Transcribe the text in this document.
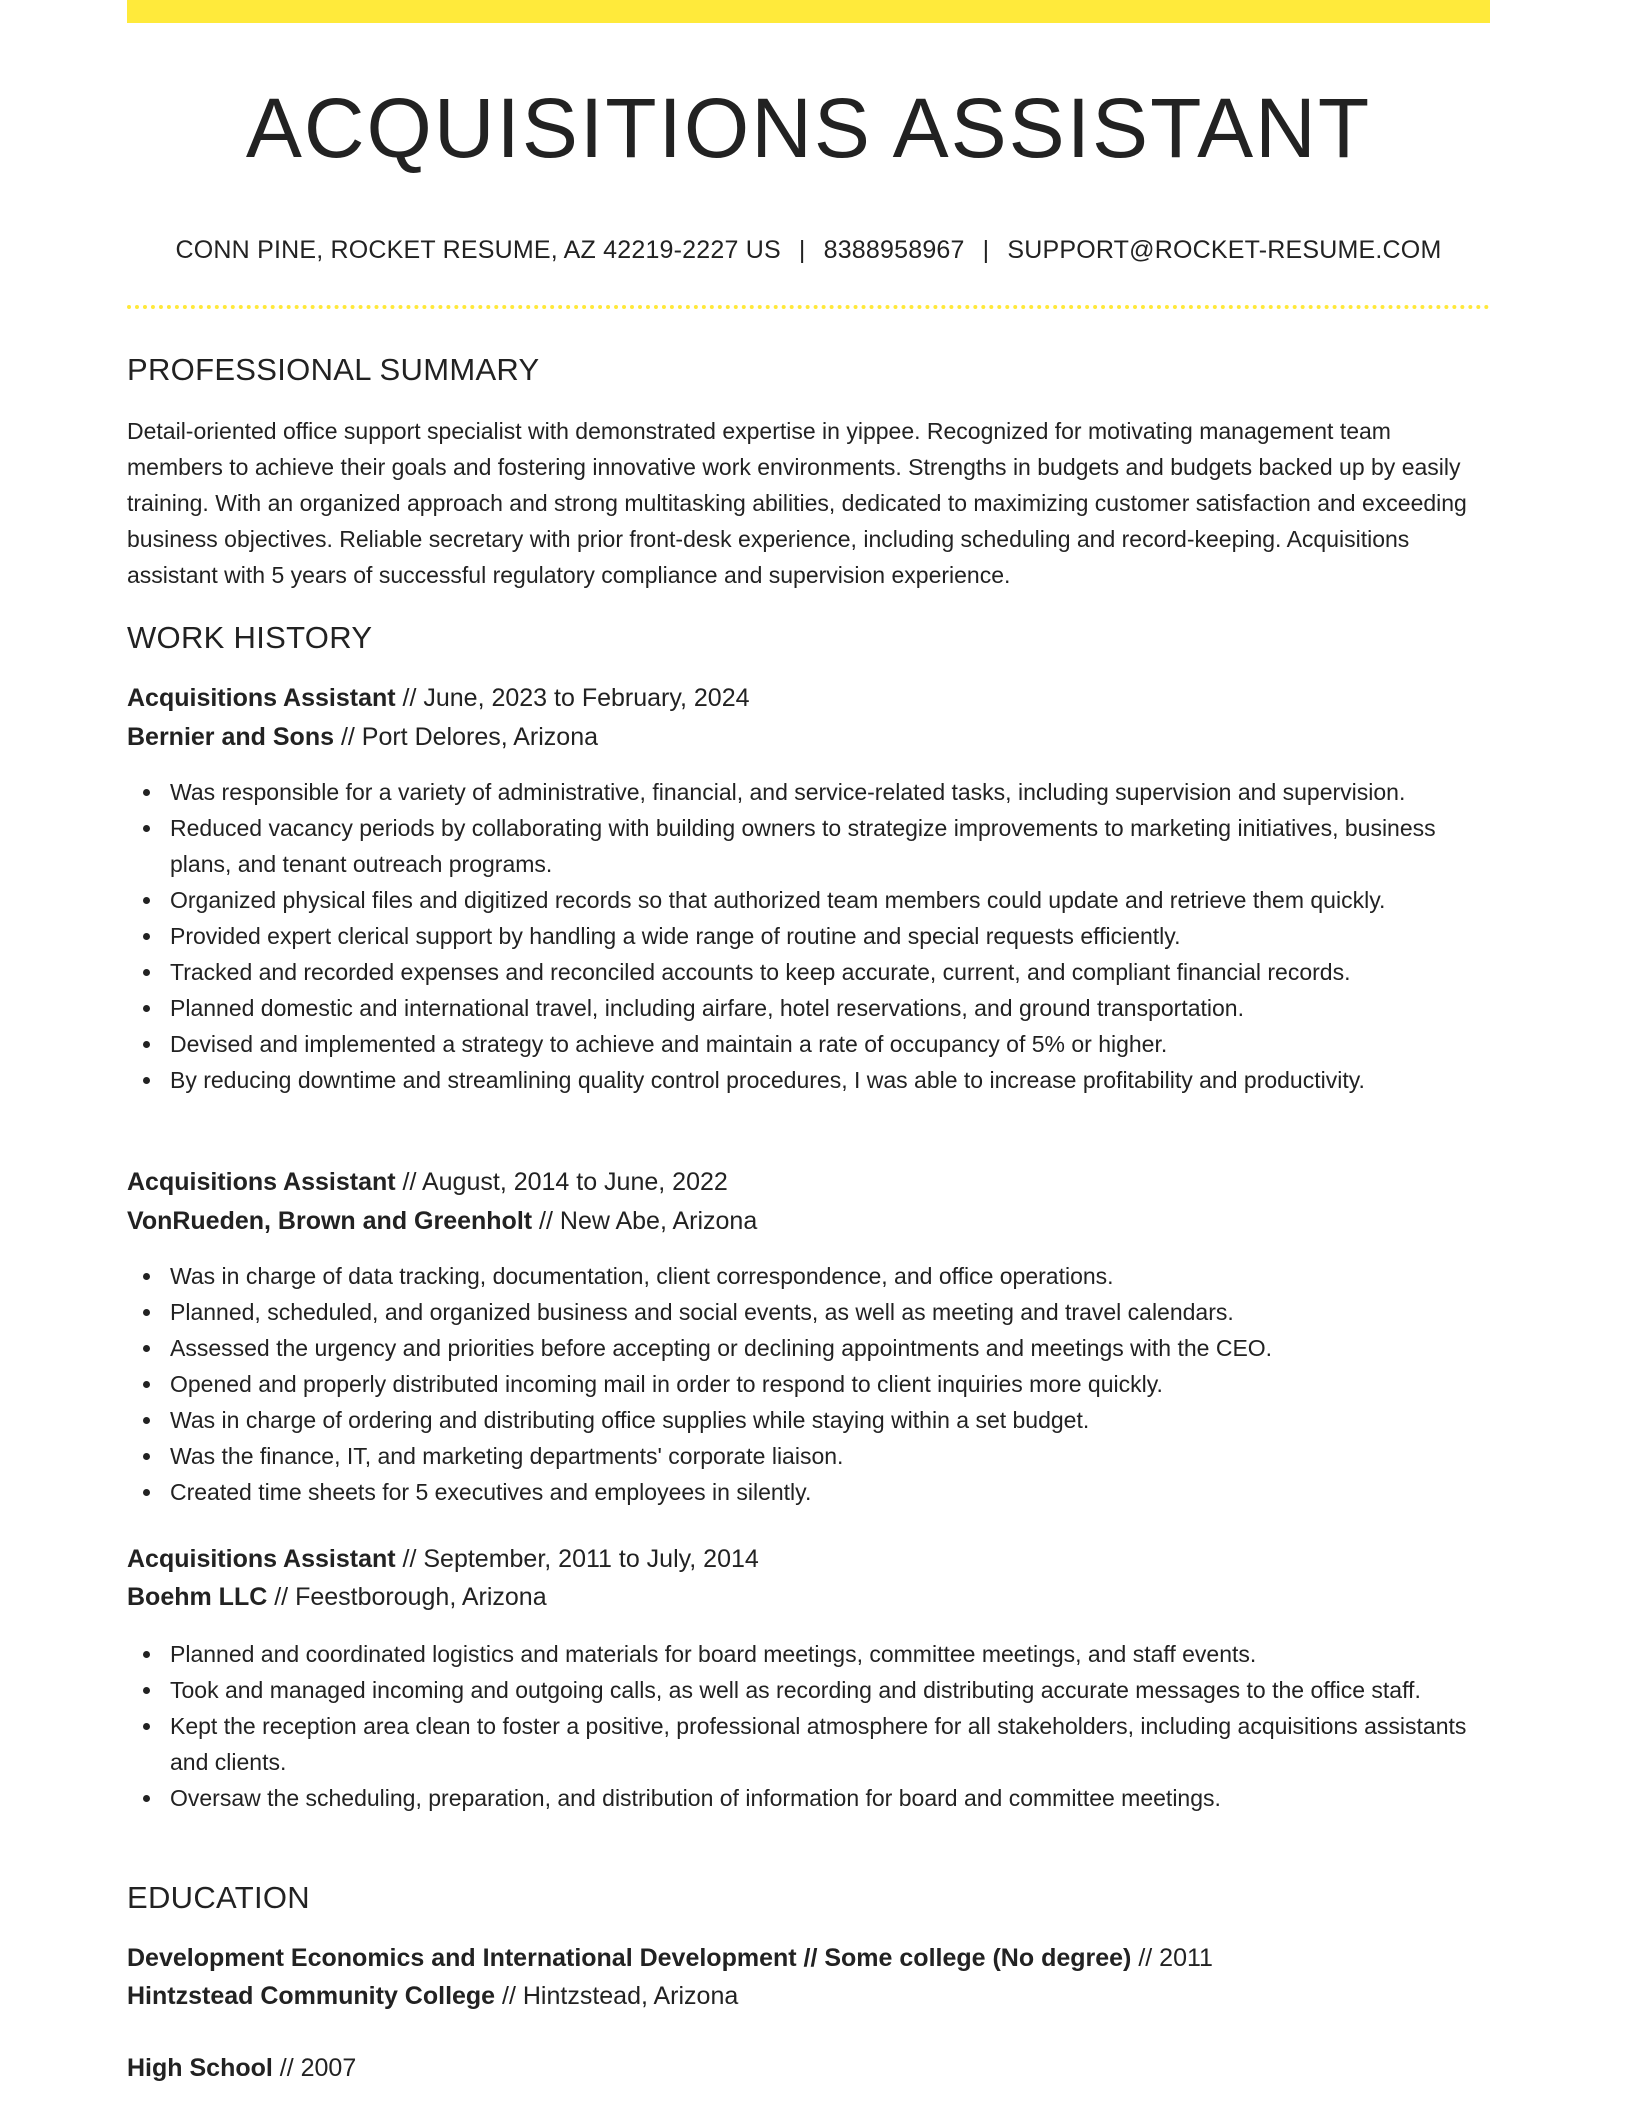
ACQUISITIONS ASSISTANT
CONN PINE, ROCKET RESUME, AZ 42219-2227 US | 8388958967 | SUPPORT@ROCKET-RESUME.COM
PROFESSIONAL SUMMARY
Detail-oriented office support specialist with demonstrated expertise in yippee. Recognized for motivating management team members to achieve their goals and fostering innovative work environments. Strengths in budgets and budgets backed up by easily training. With an organized approach and strong multitasking abilities, dedicated to maximizing customer satisfaction and exceeding business objectives. Reliable secretary with prior front-desk experience, including scheduling and record-keeping. Acquisitions assistant with 5 years of successful regulatory compliance and supervision experience.
WORK HISTORY
Acquisitions Assistant // June, 2023 to February, 2024
Bernier and Sons // Port Delores, Arizona
Was responsible for a variety of administrative, financial, and service-related tasks, including supervision and supervision.
Reduced vacancy periods by collaborating with building owners to strategize improvements to marketing initiatives, business plans, and tenant outreach programs.
Organized physical files and digitized records so that authorized team members could update and retrieve them quickly.
Provided expert clerical support by handling a wide range of routine and special requests efficiently.
Tracked and recorded expenses and reconciled accounts to keep accurate, current, and compliant financial records.
Planned domestic and international travel, including airfare, hotel reservations, and ground transportation.
Devised and implemented a strategy to achieve and maintain a rate of occupancy of 5% or higher.
By reducing downtime and streamlining quality control procedures, I was able to increase profitability and productivity.
Acquisitions Assistant // August, 2014 to June, 2022
VonRueden, Brown and Greenholt // New Abe, Arizona
Was in charge of data tracking, documentation, client correspondence, and office operations.
Planned, scheduled, and organized business and social events, as well as meeting and travel calendars.
Assessed the urgency and priorities before accepting or declining appointments and meetings with the CEO.
Opened and properly distributed incoming mail in order to respond to client inquiries more quickly.
Was in charge of ordering and distributing office supplies while staying within a set budget.
Was the finance, IT, and marketing departments' corporate liaison.
Created time sheets for 5 executives and employees in silently.
Acquisitions Assistant // September, 2011 to July, 2014
Boehm LLC // Feestborough, Arizona
Planned and coordinated logistics and materials for board meetings, committee meetings, and staff events.
Took and managed incoming and outgoing calls, as well as recording and distributing accurate messages to the office staff.
Kept the reception area clean to foster a positive, professional atmosphere for all stakeholders, including acquisitions assistants and clients.
Oversaw the scheduling, preparation, and distribution of information for board and committee meetings.
EDUCATION
Development Economics and International Development // Some college (No degree) // 2011
Hintzstead Community College // Hintzstead, Arizona
High School // 2007
